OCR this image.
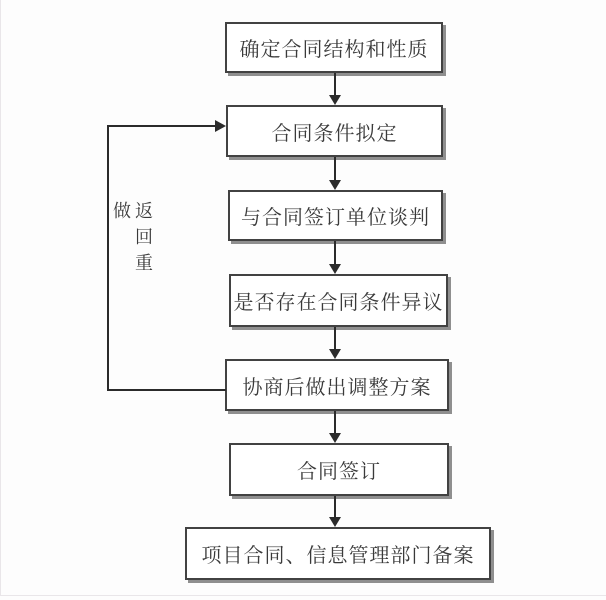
确定合同结构和性质
合同条件拟定
与合同签订单位谈判
是否存在合同条件异议
协商后做出调整方案
合同签订
项目合同、信息管理部门备案
返回重做
